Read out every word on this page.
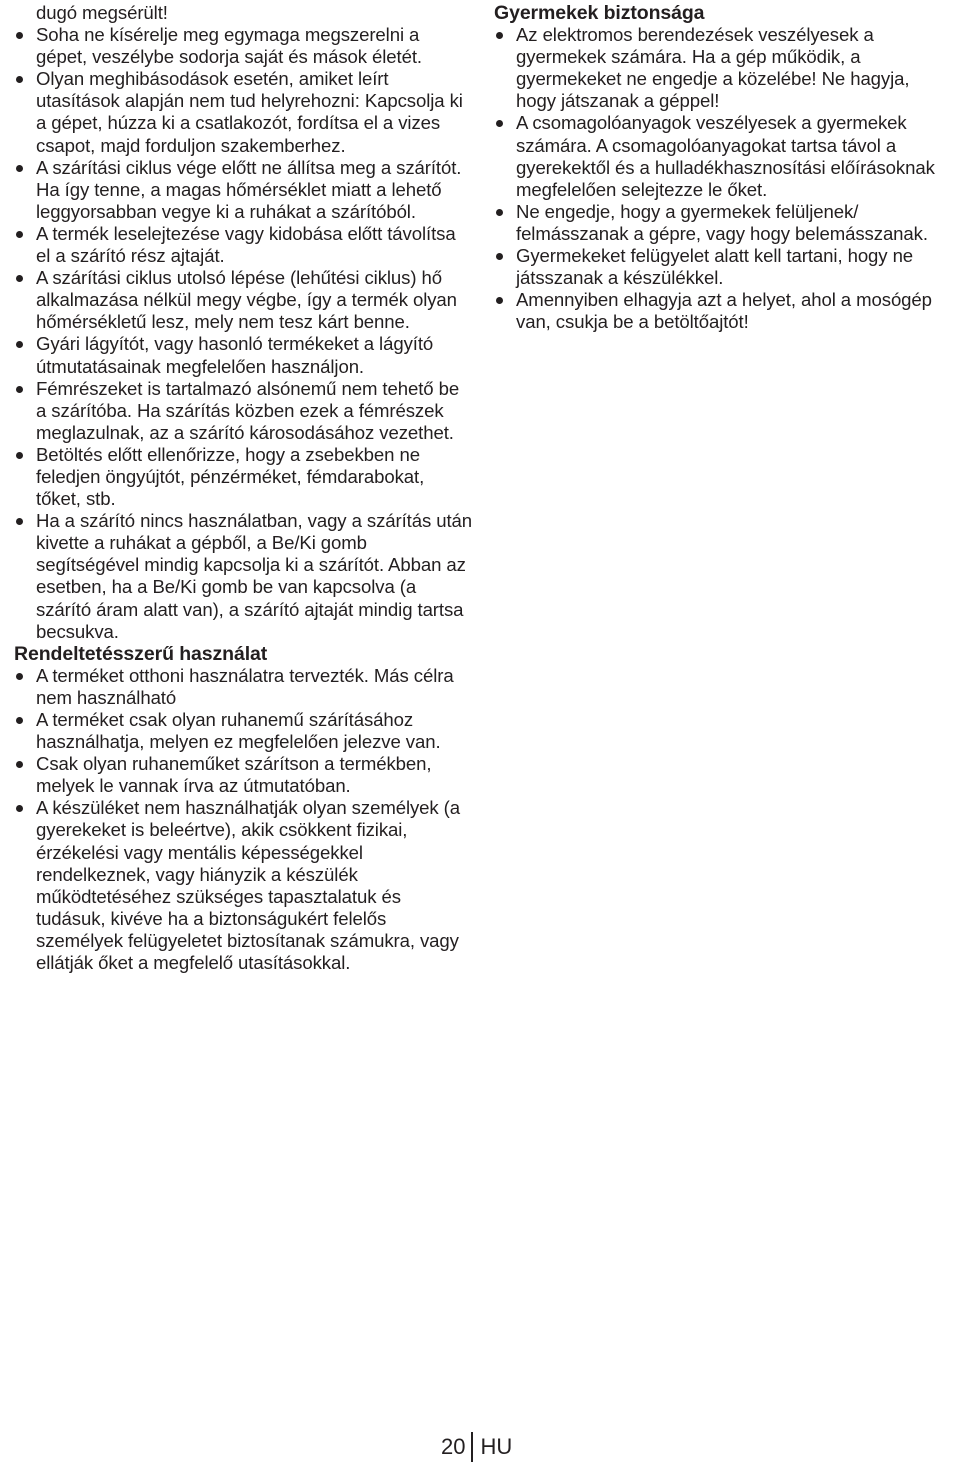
dugó megsérült!

Soha ne kísérelje meg egymaga megszerelni a gépet, veszélybe sodorja saját és mások életét.
Olyan meghibásodások esetén, amiket leírt utasítások alapján nem tud helyrehozni: Kapcsolja ki a gépet, húzza ki a csatlakozót, fordítsa el a vizes csapot, majd forduljon szakemberhez.
A szárítási ciklus vége előtt ne állítsa meg a szárítót. Ha így tenne, a magas hőmérséklet miatt a lehető leggyorsabban vegye ki a ruhákat a szárítóból.
A termék leselejtezése vagy kidobása előtt távolítsa el a szárító rész ajtaját.
A szárítási ciklus utolsó lépése (lehűtési ciklus) hő alkalmazása nélkül megy végbe, így a termék olyan hőmérsékletű lesz, mely nem tesz kárt benne.
Gyári lágyítót, vagy hasonló termékeket a lágyító útmutatásainak megfelelően használjon.
Fémrészeket is tartalmazó alsónemű nem tehető be a szárítóba. Ha szárítás közben ezek a fémrészek meglazulnak, az a szárító károsodásához vezethet.
Betöltés előtt ellenőrizze, hogy a zsebekben ne feledjen öngyújtót, pénzérméket, fémdarabokat, tőket, stb.
Ha a szárító nincs használatban, vagy a szárítás után kivette a ruhákat a gépből, a Be/Ki gomb segítségével mindig kapcsolja ki a szárítót. Abban az esetben, ha a Be/Ki gomb be van kapcsolva (a szárító áram alatt van), a szárító ajtaját mindig tartsa becsukva.
Rendeltetésszerű használat
A terméket otthoni használatra tervezték. Más célra nem használható
A terméket csak olyan ruhanemű szárításához használhatja, melyen ez megfelelően jelezve van.
Csak olyan ruhaneműket szárítson a termékben, melyek le vannak írva az útmutatóban.
A készüléket nem használhatják olyan személyek (a gyerekeket is beleértve), akik csökkent fizikai, érzékelési vagy mentális képességekkel rendelkeznek, vagy hiányzik a készülék működtetéséhez szükséges tapasztalatuk és tudásuk, kivéve ha a biztonságukért felelős személyek felügyeletet biztosítanak számukra, vagy ellátják őket a megfelelő utasításokkal.
Gyermekek biztonsága
Az elektromos berendezések veszélyesek a gyermekek számára. Ha a gép működik, a gyermekeket ne engedje a közelébe! Ne hagyja, hogy játszanak a géppel!
A csomagolóanyagok veszélyesek a gyermekek számára. A csomagolóanyagokat tartsa távol a gyerekektől és a hulladékhasznosítási előírásoknak megfelelően selejtezze le őket.
Ne engedje, hogy a gyermekek felüljenek/ felmásszanak a gépre, vagy hogy belemásszanak.
Gyermekeket felügyelet alatt kell tartani, hogy ne játsszanak a készülékkel.
Amennyiben elhagyja azt a helyet, ahol a mosógép van, csukja be a betöltőajtót!
20 HU
